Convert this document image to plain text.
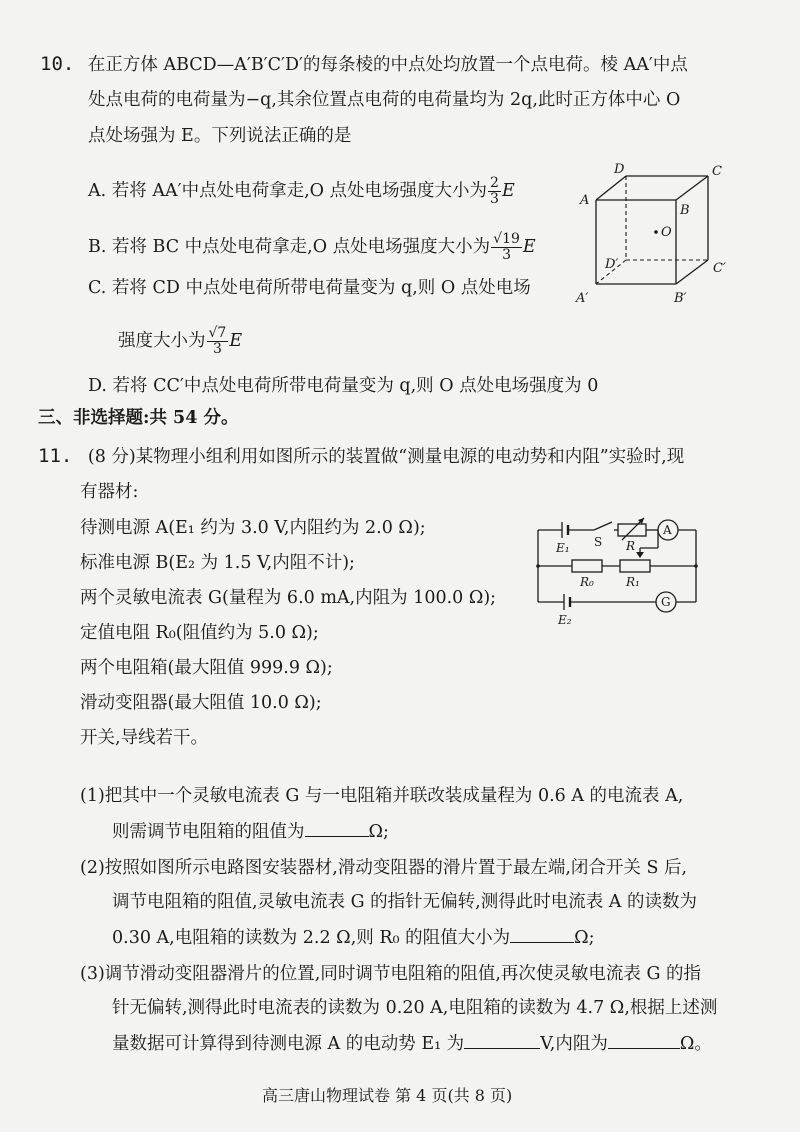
10. 在正方体 ABCD—A′B′C′D′的每条棱的中点处均放置一个点电荷。棱 AA′中点
处点电荷的电荷量为−q,其余位置点电荷的电荷量均为 2q,此时正方体中心 O
点处场强为 E。下列说法正确的是
A. 若将 AA′中点处电荷拿走,O 点处电场强度大小为 $\frac{2}{3}$ E
B. 若将 BC 中点处电荷拿走,O 点处电场强度大小为 $\frac{√19}{3}$ E
C. 若将 CD 中点处电荷所带电荷量变为 q,则 O 点处电场
强度大小为 $\frac{√7}{3}$ E
D. 若将 CC′中点处电荷所带电荷量变为 q,则 O 点处电场强度为 0
D	C
A
B
O
D′	C′
A′	B′
三、非选择题:共 54 分。
11. (8 分)某物理小组利用如图所示的装置做“测量电源的电动势和内阻”实验时,现
有器材:
待测电源 A(E₁ 约为 3.0 V,内阻约为 2.0 Ω);
标准电源 B(E₂ 为 1.5 V,内阻不计);
两个灵敏电流表 G(量程为 6.0 mA,内阻为 100.0 Ω);
定值电阻 R₀(阻值约为 5.0 Ω);
两个电阻箱(最大阻值 999.9 Ω);
滑动变阻器(最大阻值 10.0 Ω);
开关,导线若干。
A
G
E₁ S R
R₀	R₁
E₂
(1)把其中一个灵敏电流表 G 与一电阻箱并联改装成量程为 0.6 A 的电流表 A,
则需调节电阻箱的阻值为	Ω;
(2)按照如图所示电路图安装器材,滑动变阻器的滑片置于最左端,闭合开关 S 后,
调节电阻箱的阻值,灵敏电流表 G 的指针无偏转,测得此时电流表 A 的读数为
0.30 A,电阻箱的读数为 2.2 Ω,则 R₀ 的阻值大小为	Ω;
(3)调节滑动变阻器滑片的位置,同时调节电阻箱的阻值,再次使灵敏电流表 G 的指
针无偏转,测得此时电流表的读数为 0.20 A,电阻箱的读数为 4.7 Ω,根据上述测
量数据可计算得到待测电源 A 的电动势 E₁ 为	V,内阻为	Ω。
高三唐山物理试卷 第 4 页(共 8 页)
